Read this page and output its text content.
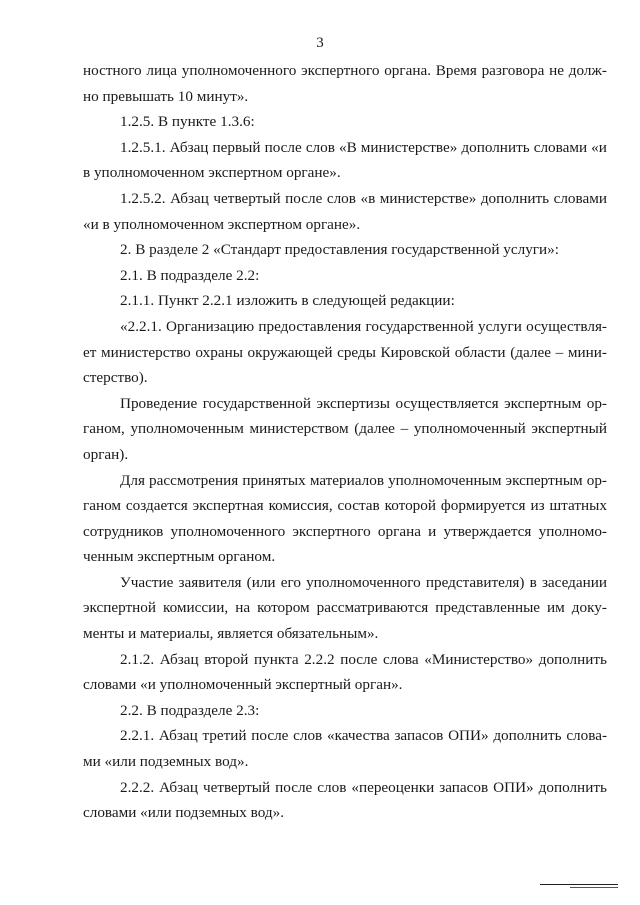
3
ностного лица уполномоченного экспертного органа. Время разговора не долж-
но превышать 10 минут».
1.2.5. В пункте 1.3.6:
1.2.5.1. Абзац первый после слов «В министерстве» дополнить словами «и
в уполномоченном экспертном органе».
1.2.5.2. Абзац четвертый после слов «в министерстве» дополнить словами
«и в уполномоченном экспертном органе».
2. В разделе 2 «Стандарт предоставления государственной услуги»:
2.1. В подразделе 2.2:
2.1.1. Пункт 2.2.1 изложить в следующей редакции:
«2.2.1. Организацию предоставления государственной услуги осуществля-
ет министерство охраны окружающей среды Кировской области (далее – мини-
стерство).
Проведение государственной экспертизы осуществляется экспертным ор-
ганом, уполномоченным министерством (далее – уполномоченный экспертный
орган).
Для рассмотрения принятых материалов уполномоченным экспертным ор-
ганом создается экспертная комиссия, состав которой формируется из штатных
сотрудников уполномоченного экспертного органа и утверждается уполномо-
ченным экспертным органом.
Участие заявителя (или его уполномоченного представителя) в заседании
экспертной комиссии, на котором рассматриваются представленные им доку-
менты и материалы, является обязательным».
2.1.2. Абзац второй пункта 2.2.2 после слова «Министерство» дополнить
словами «и уполномоченный экспертный орган».
2.2. В подразделе 2.3:
2.2.1. Абзац третий после слов «качества запасов ОПИ» дополнить слова-
ми «или подземных вод».
2.2.2. Абзац четвертый после слов «переоценки запасов ОПИ» дополнить
словами «или подземных вод».
